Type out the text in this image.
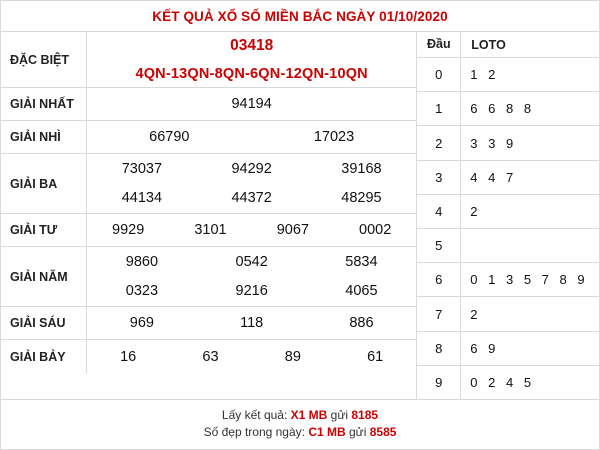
KẾT QUẢ XỔ SỐ MIỀN BẮC NGÀY 01/10/2020
ĐẶC BIỆT
03418
4QN-13QN-8QN-6QN-12QN-10QN
GIẢI NHẤT	94194
GIẢI NHÌ	66790	17023
GIẢI BA
73037	94292	39168
44134	44372	48295
GIẢI TƯ	9929	3101	9067	0002
GIẢI NĂM
9860	0542	5834
0323	9216	4065
GIẢI SÁU	969	118	886
GIẢI BẢY	16	63	89	61
Đầu	LOTO
0	1 2
1	6 6 8 8
2	3 3 9
3	4 4 7
4	2
5
6	0 1 3 5 7 8 9
7	2
8	6 9
9	0 2 4 5
Lấy kết quả: X1 MB gửi 8185
Số đẹp trong ngày: C1 MB gửi 8585
